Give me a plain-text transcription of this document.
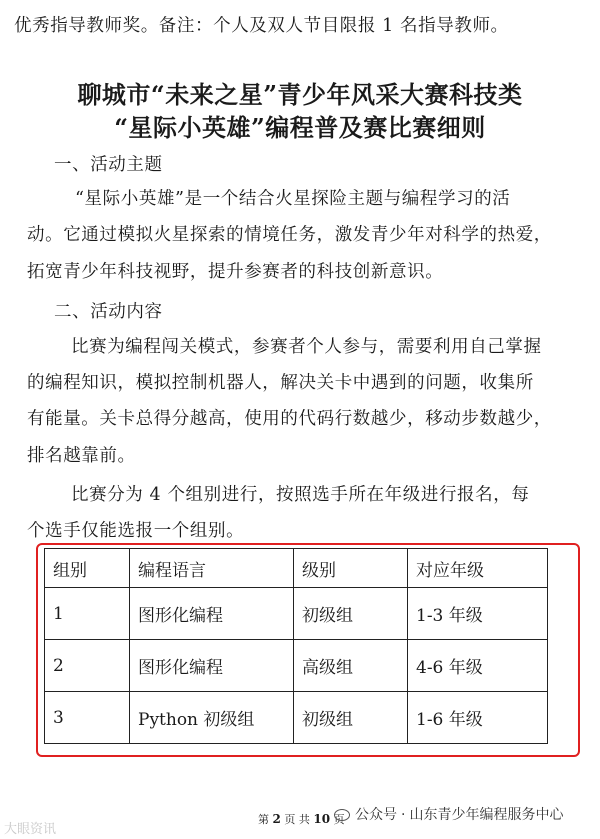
优秀指导教师奖。备注：个人及双人节目限报 1 名指导教师。
聊城市“未来之星”青少年风采大赛科技类
“星际小英雄”编程普及赛比赛细则
一、活动主题
“星际小英雄”是一个结合火星探险主题与编程学习的活
动。它通过模拟火星探索的情境任务，激发青少年对科学的热爱，
拓宽青少年科技视野，提升参赛者的科技创新意识。
二、活动内容
比赛为编程闯关模式，参赛者个人参与，需要利用自己掌握
的编程知识，模拟控制机器人，解决关卡中遇到的问题，收集所
有能量。关卡总得分越高，使用的代码行数越少，移动步数越少，
排名越靠前。
比赛分为 4 个组别进行，按照选手所在年级进行报名，每
个选手仅能选报一个组别。
组别	编程语言	级别	对应年级
1	图形化编程	初级组	1-3 年级
2	图形化编程	高级组	4-6 年级
3	Python 初级组	初级组	1-6 年级
第 2 页 共 10 页 公众号 · 山东青少年编程服务中心
大眼资讯
